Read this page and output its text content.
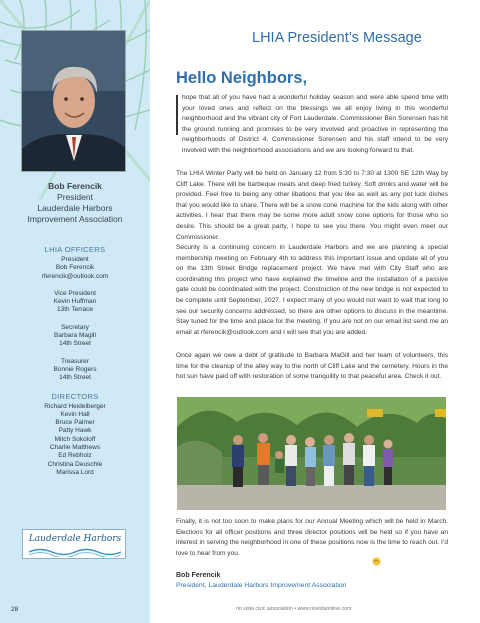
Bob Ferencik
President
Lauderdale Harbors
Improvement Association
LHIA OFFICERS
President
Bob Ferencik
rferencik@outlook.com
Vice President
Kevin Huffman
13th Terrace
Secretary
Barbara Magill
14th Street
Treasurer
Bonnie Rogers
14th Street
DIRECTORS
Richard Heidelberger
Kevin Hall
Bruce Palmer
Patty Hawk
Mitch Sokoloff
Charlie Matthews
Ed Rebholz
Christina Deuschle
Marissa Lord
Lauderdale Harbors
28
LHIA President’s Message
Hello Neighbors,
hope that all of you have had a wonderful holiday season and were able spend time with your loved ones and reflect on the blessings we all enjoy living in this wonderful neighborhood and the vibrant city of Fort Lauderdale. Commissioner Ben Sorensen has hit the ground running and promises to be very involved and proactive in representing the neighborhoods of District 4. Commissioner Sorensen and his staff intend to be very involved with the neighborhood associations and we are looking forward to that.
The LHIA Winter Party will be held on January 12 from 5:30 to 7:30 at 1300 SE 12th Way by Cliff Lake. There will be barbeque meats and deep fried turkey. Soft drinks and water will be provided. Feel free to being any other libations that you like as well as any pot luck dishes that you would like to share. There will be a snow cone machine for the kids along with other activities. I hear that there may be some more adult snow cone options for those who so desire. This should be a great party, I hope to see you there. You might even meet our Commissioner.
Security is a continuing concern in Lauderdale Harbors and we are planning a special membership meeting on February 4th to address this important issue and update all of you on the 13th Street Bridge replacement project. We have met with City Staff who are coordinating this project who have explained the timeline and the installation of a passive gate could be coordinated with the project. Construction of the new bridge is not expected to be complete until September, 2027. I expect many of you would not want to wait that long to see our security concerns addressed, so there are other options to discuss in the meantime. Stay tuned for the time and place for the meeting. If you are not on our email list send me an email at rferencik@outlook.com and I will see that you are added.
Once again we owe a debt of gratitude to Barbara MaGill and her team of volunteers, this time for the cleanup of the alley way to the north of Cliff Lake and the cemetery. Hours in the hot sun have paid off with restoration of some tranquility to that peaceful area. Check it out.
Finally, it is not too soon to make plans for our Annual Meeting which will be held in March. Elections for all officer positions and three director positions will be held so if you have an interest in serving the neighborhood in one of these positions now is the time to reach out. I’d love to hear from you.
Bob Ferencik
President, Lauderdale Harbors Improvement Association
rio vista civic association • www.riovistaonline.com
